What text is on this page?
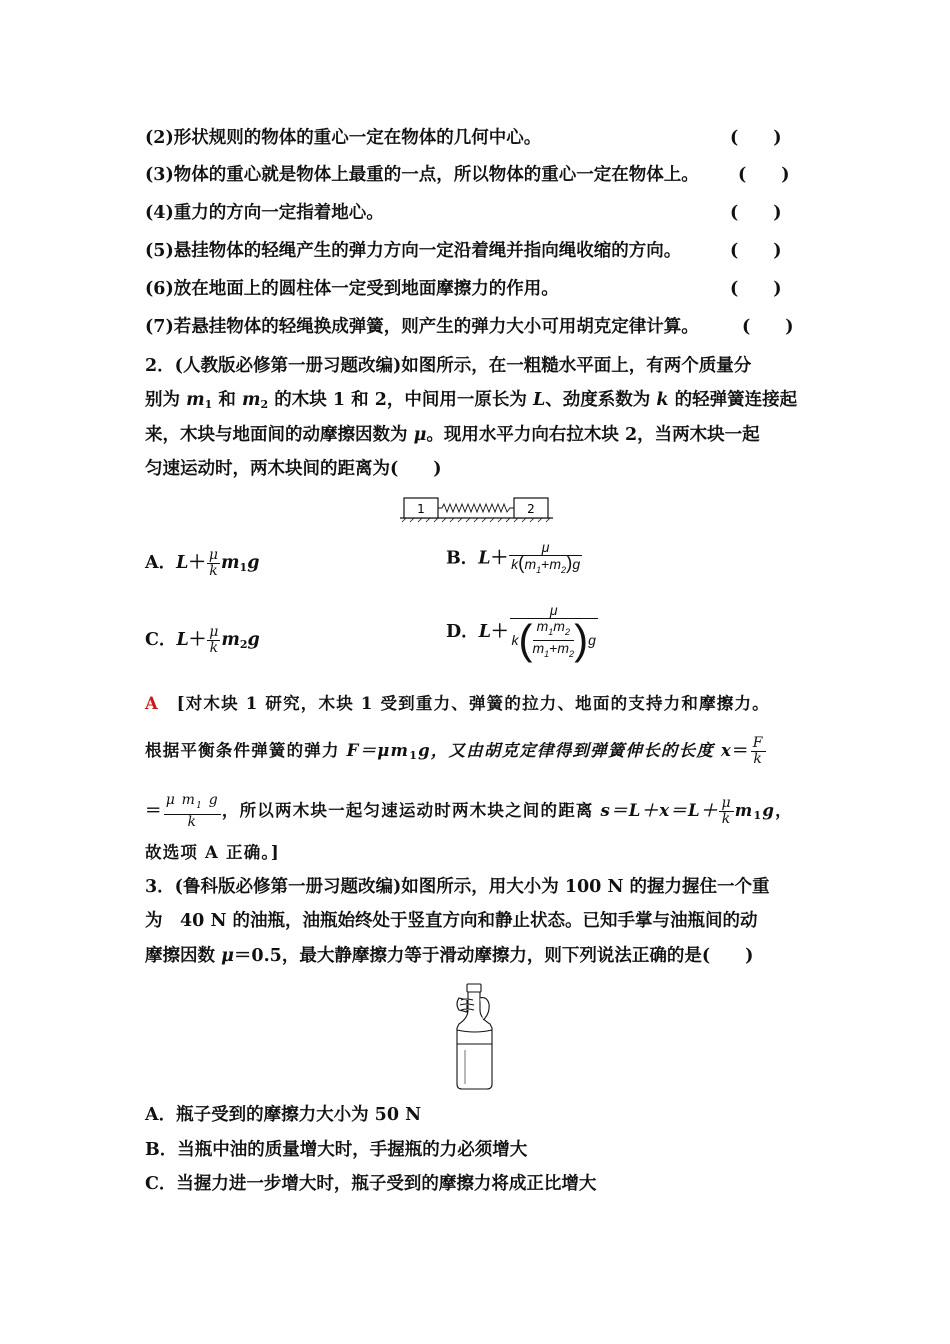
(2)形状规则的物体的重心一定在物体的几何中心。	(　　)
(3)物体的重心就是物体上最重的一点，所以物体的重心一定在物体上。 (　　)
(4)重力的方向一定指着地心。	(　　)
(5)悬挂物体的轻绳产生的弹力方向一定沿着绳并指向绳收缩的方向。	(　　)
(6)放在地面上的圆柱体一定受到地面摩擦力的作用。	(　　)
(7)若悬挂物体的轻绳换成弹簧，则产生的弹力大小可用胡克定律计算。 (　　)
2．(人教版必修第一册习题改编)如图所示，在一粗糙水平面上，有两个质量分
别为 $m_1$ 和 $m_2$ 的木块 1 和 2，中间用一原长为 L、劲度系数为 k 的轻弹簧连接起
来，木块与地面间的动摩擦因数为 μ。现用水平力向右拉木块 2，当两木块一起
匀速运动时，两木块间的距离为(　　)
1	2
A．$L+ \frac{\mu}{k} m_1g$	B．$L+ \frac{\mu}{k(m_1+m_2)g}$
C．$L+ \frac{\mu}{k} m_2g$	D．L＋ μ
k ( $m_1m_2$
$m_1+m_2$ ) g
A　 [对木块 1 研究，木块 1 受到重力、弹簧的拉力、地面的支持力和摩擦力。
根据平衡条件弹簧的弹力 $F=\mu m_1g$，又由胡克定律得到弹簧伸长的长度 $x= \frac{F}{k}$
＝ $\frac{\mu m_1 g}{k}$ ，所以两木块一起匀速运动时两木块之间的距离 $s=L+x=L+ \frac{\mu}{k} m_1g$，
故选项 A 正确。]
3．(鲁科版必修第一册习题改编)如图所示，用大小为 100 N 的握力握住一个重
为　40 N 的油瓶，油瓶始终处于竖直方向和静止状态。已知手掌与油瓶间的动
摩擦因数 μ＝0.5，最大静摩擦力等于滑动摩擦力，则下列说法正确的是(　　)
A．瓶子受到的摩擦力大小为 50 N
B．当瓶中油的质量增大时，手握瓶的力必须增大
C．当握力进一步增大时，瓶子受到的摩擦力将成正比增大
